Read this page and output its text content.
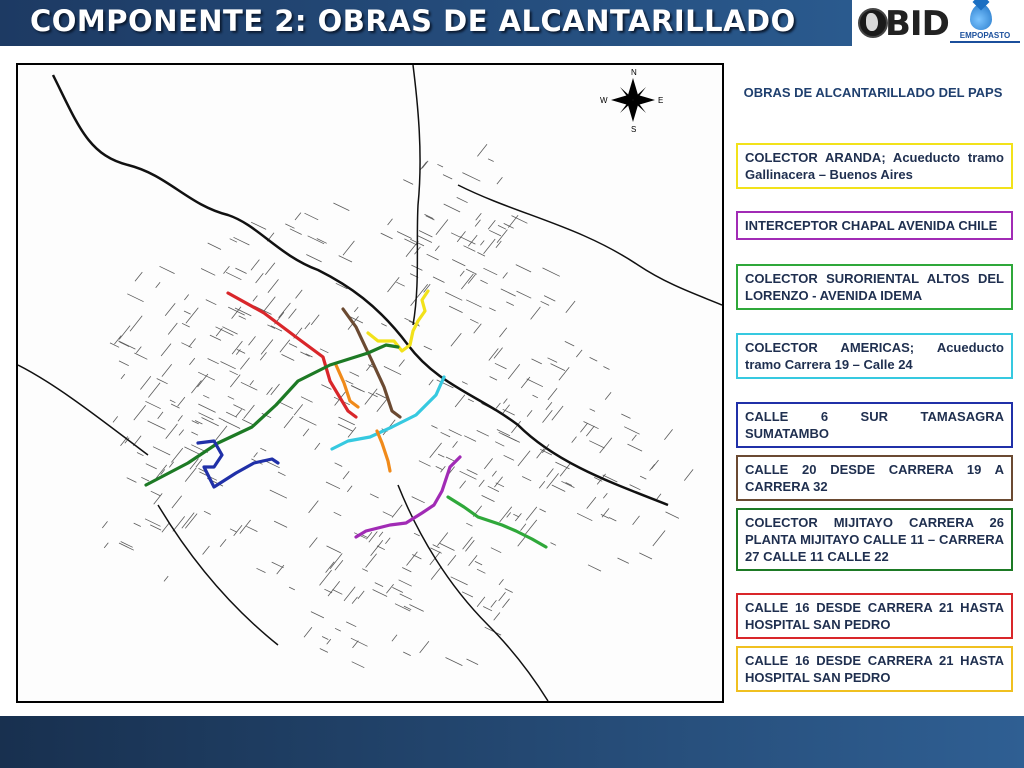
COMPONENTE 2: OBRAS DE ALCANTARILLADO	BID	EMPOPASTO
N
S
E
W
OBRAS DE ALCANTARILLADO DEL PAPS
COLECTOR ARANDA; Acueducto tramo Gallinacera – Buenos Aires
INTERCEPTOR CHAPAL AVENIDA CHILE
COLECTOR SURORIENTAL ALTOS DEL LORENZO - AVENIDA IDEMA
COLECTOR AMERICAS; Acueducto tramo Carrera 19 – Calle 24
CALLE 6 SUR TAMASAGRA SUMATAMBO
CALLE 20 DESDE CARRERA 19 A CARRERA 32
COLECTOR MIJITAYO CARRERA 26 PLANTA MIJITAYO CALLE 11 – CARRERA 27 CALLE 11 CALLE 22
CALLE 16 DESDE CARRERA 21 HASTA HOSPITAL SAN PEDRO
CALLE 16 DESDE CARRERA 21 HASTA HOSPITAL SAN PEDRO
